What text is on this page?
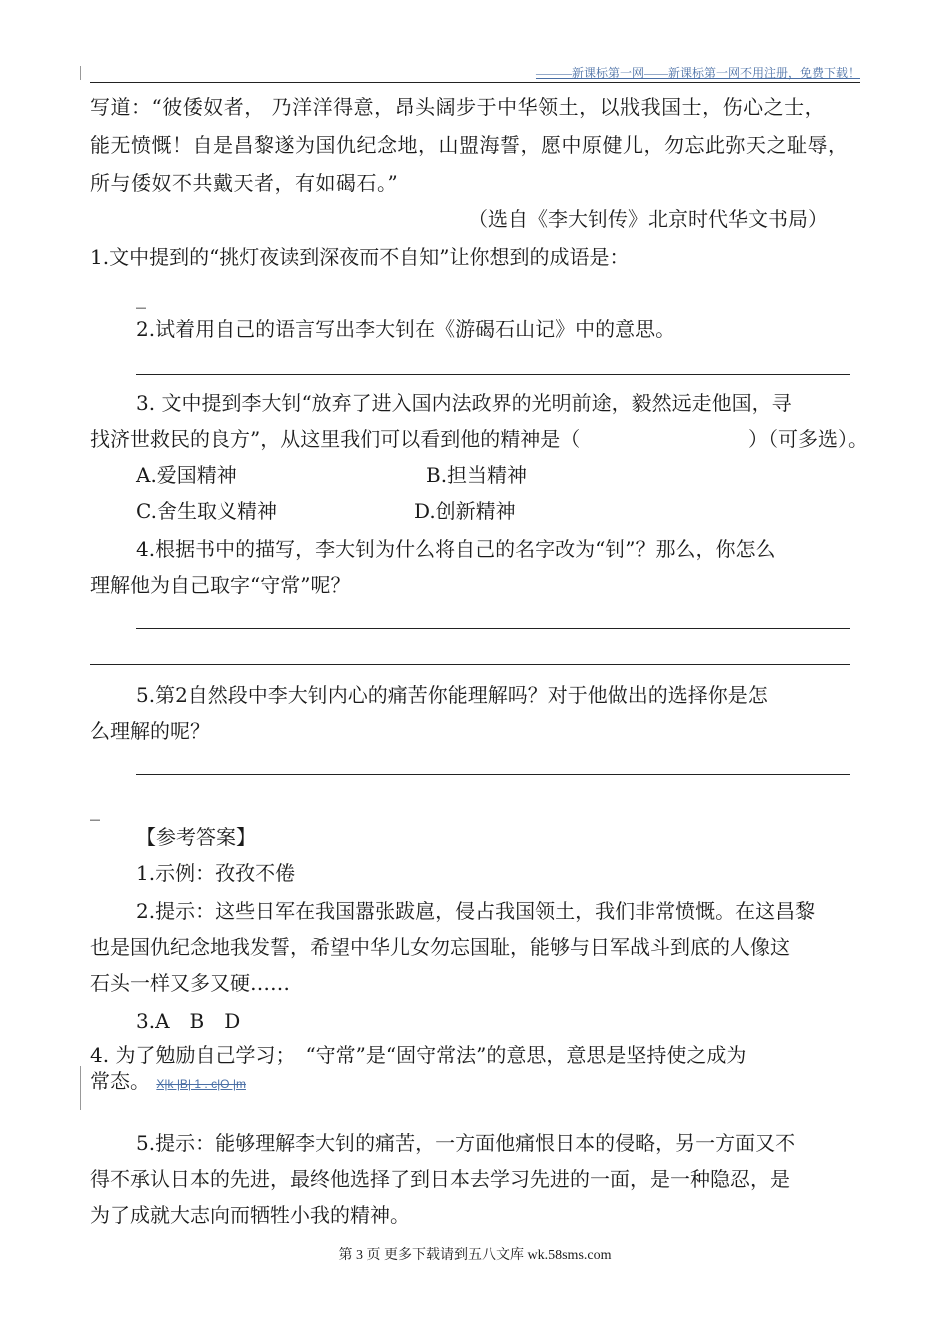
———新课标第一网——新课标第一网不用注册，免费下载！
写道：“彼倭奴者， 乃洋洋得意，昂头阔步于中华领土，以戕我国士，伤心之士，
能无愤慨！自是昌黎遂为国仇纪念地，山盟海誓，愿中原健儿，勿忘此弥天之耻辱，
所与倭奴不共戴天者，有如碣石。”
（选自《李大钊传》北京时代华文书局）
1.文中提到的“挑灯夜读到深夜而不自知”让你想到的成语是：
_
2.试着用自己的语言写出李大钊在《游碣石山记》中的意思。
3. 文中提到李大钊“放弃了进入国内法政界的光明前途，毅然远走他国，寻
找济世救民的良方”，从这里我们可以看到他的精神是（	）（可多选）。
A.爱国精神	B.担当精神
C.舍生取义精神	D.创新精神
4.根据书中的描写，李大钊为什么将自己的名字改为“钊”？那么，你怎么
理解他为自己取字“守常”呢？
5.第2自然段中李大钊内心的痛苦你能理解吗？对于他做出的选择你是怎
么理解的呢？
_
【参考答案】
1.示例：孜孜不倦
2.提示：这些日军在我国嚣张跋扈，侵占我国领土，我们非常愤慨。在这昌黎
也是国仇纪念地我发誓，希望中华儿女勿忘国耻，能够与日军战斗到底的人像这
石头一样又多又硬……
3.A　B　D
4. 为了勉励自己学习；　“守常”是“固守常法”的意思，意思是坚持使之成为
常态。 X|k |B| 1 . c|O |m
5.提示：能够理解李大钊的痛苦，一方面他痛恨日本的侵略，另一方面又不
得不承认日本的先进，最终他选择了到日本去学习先进的一面，是一种隐忍，是
为了成就大志向而牺牲小我的精神。
第 3 页 更多下载请到五八文库 wk.58sms.com
